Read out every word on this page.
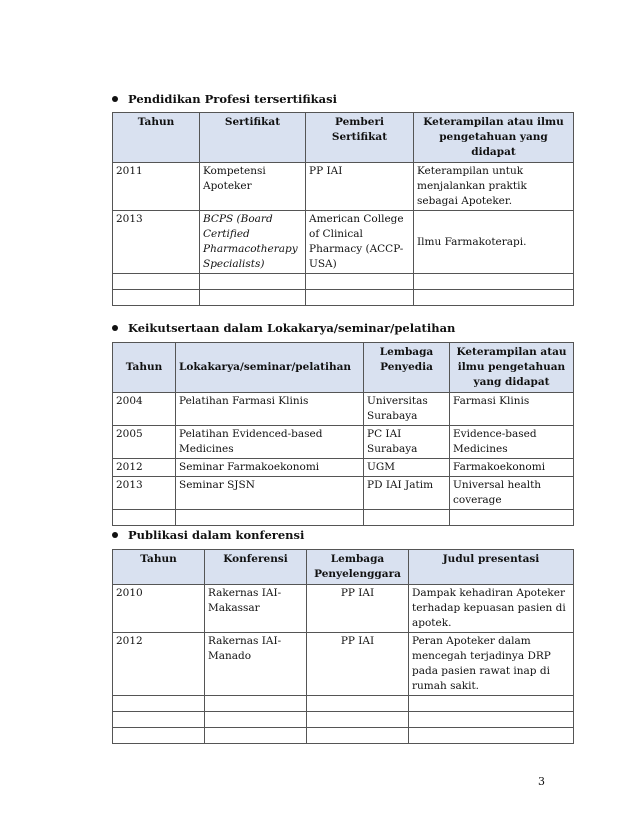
Pendidikan Profesi tersertifikasi
Tahun	Sertifikat	Pemberi Sertifikat	Keterampilan atau ilmu pengetahuan yang didapat
2011	Kompetensi Apoteker	PP IAI	Keterampilan untuk menjalankan praktik sebagai Apoteker.
2013	BCPS (Board Certified Pharmacotherapy Specialists)	American College of Clinical Pharmacy (ACCP-USA)	Ilmu Farmakoterapi.

Keikutsertaan dalam Lokakarya/seminar/pelatihan
Tahun	Lokakarya/seminar/pelatihan	Lembaga Penyedia	Keterampilan atau ilmu pengetahuan yang didapat
2004	Pelatihan Farmasi Klinis	Universitas Surabaya	Farmasi Klinis
2005	Pelatihan Evidenced-based Medicines	PC IAI Surabaya	Evidence-based Medicines
2012	Seminar Farmakoekonomi	UGM	Farmakoekonomi
2013	Seminar SJSN	PD IAI Jatim	Universal health coverage

Publikasi dalam konferensi
Tahun	Konferensi	Lembaga Penyelenggara	Judul presentasi
2010	Rakernas IAI-Makassar	PP IAI	Dampak kehadiran Apoteker terhadap kepuasan pasien di apotek.
2012	Rakernas IAI-Manado	PP IAI	Peran Apoteker dalam mencegah terjadinya DRP pada pasien rawat inap di rumah sakit.

3
